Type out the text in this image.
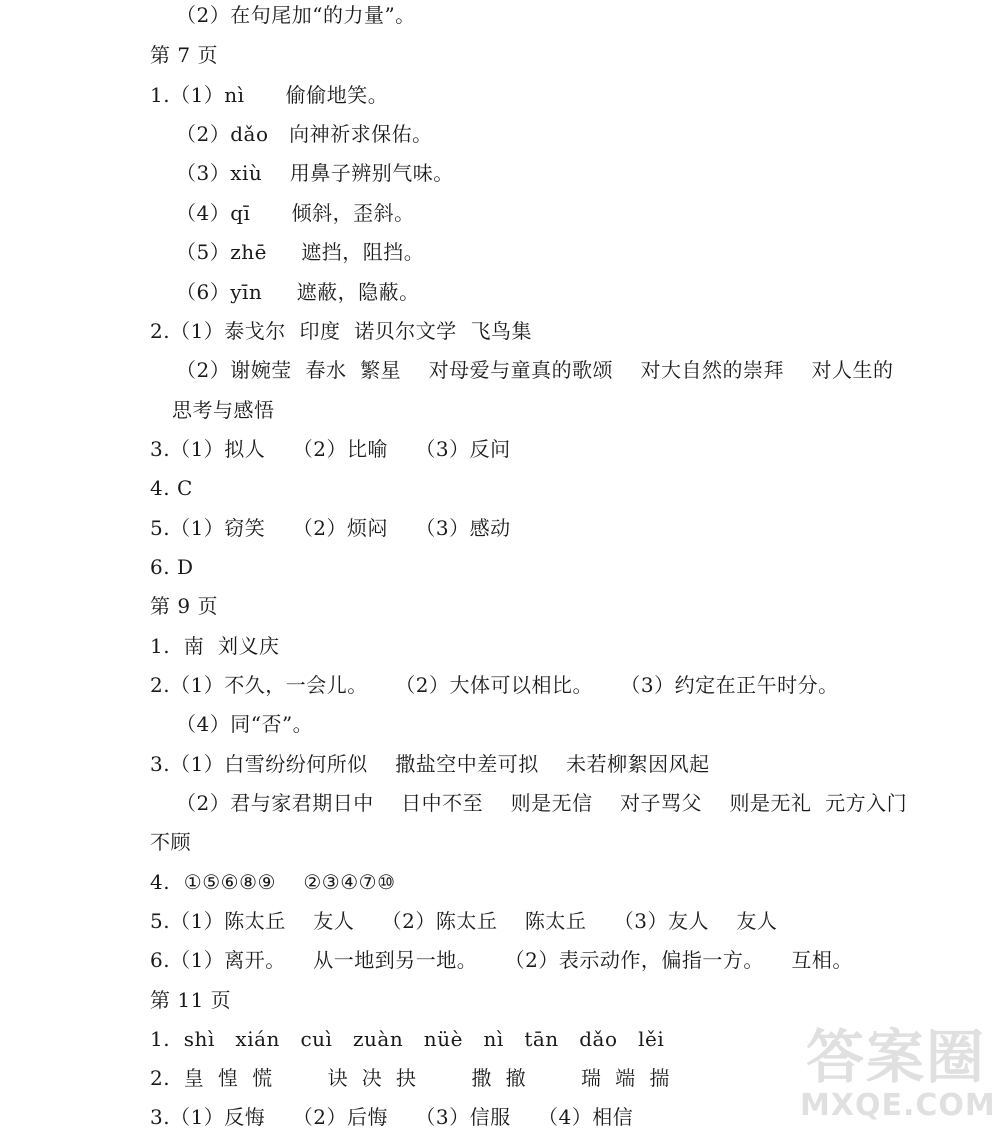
（2）在句尾加“的力量”。
第 7 页
1.（1）nì      偷偷地笑。
（2）dǎo   向神祈求保佑。
（3）xiù    用鼻子辨别气味。
（4）qī      倾斜，歪斜。
（5）zhē     遮挡，阻挡。
（6）yīn     遮蔽，隐蔽。
2.（1）泰戈尔  印度  诺贝尔文学  飞鸟集
（2）谢婉莹  春水  繁星    对母爱与童真的歌颂    对大自然的崇拜    对人生的
思考与感悟
3.（1）拟人    （2）比喻    （3）反问
4. C
5.（1）窃笑    （2）烦闷    （3）感动
6. D
第 9 页
1.  南  刘义庆
2.（1）不久，一会儿。    （2）大体可以相比。    （3）约定在正午时分。
（4）同“否”。
3.（1）白雪纷纷何所似    撒盐空中差可拟    未若柳絮因风起
（2）君与家君期日中    日中不至    则是无信    对子骂父    则是无礼  元方入门
不顾
4.  ①⑤⑥⑧⑨    ②③④⑦⑩
5.（1）陈太丘    友人    （2）陈太丘    陈太丘    （3）友人    友人
6.（1）离开。    从一地到另一地。    （2）表示动作，偏指一方。    互相。
第 11 页
1.  shì   xián   cuì   zuàn   nüè   nì   tān   dǎo   lěi
2.  皇  惶  慌        诀  决  抉        撒  撤        瑞  端  揣
3.（1）反悔    （2）后悔    （3）信服    （4）相信
答案圈
MXQE.COM
